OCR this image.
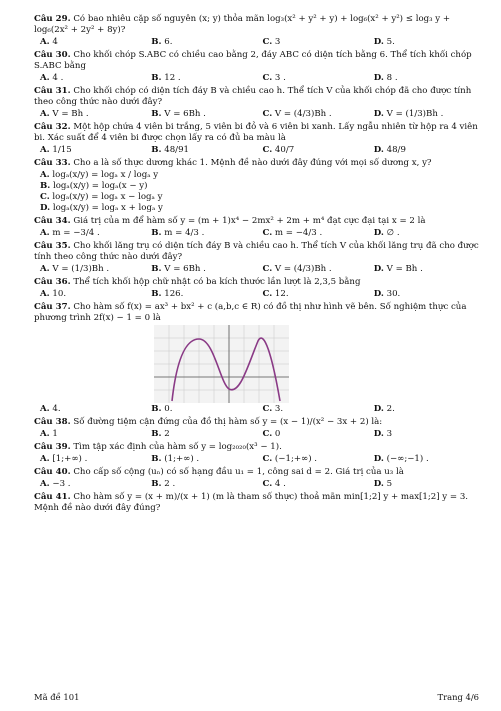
Câu 29. Có bao nhiêu cặp số nguyên (x; y) thỏa mãn log₃(x² + y² + y) + log₆(x² + y²) ≤ log₃ y + log₆(2x² + 2y² + 8y)?
A. 4	B. 6.	C. 3	D. 5.
Câu 30. Cho khối chóp S.ABC có chiều cao bằng 2, đáy ABC có diện tích bằng 6. Thể tích khối chóp S.ABC bằng
A. 4 .	B. 12 .	C. 3 .	D. 8 .
Câu 31. Cho khối chóp có diện tích đáy B và chiều cao h. Thể tích V của khối chóp đã cho được tính theo công thức nào dưới đây?
A. V = Bh .	B. V = 6Bh .	C. V = (4/3)Bh .	D. V = (1/3)Bh .
Câu 32. Một hộp chứa 4 viên bi trắng, 5 viên bi đỏ và 6 viên bi xanh. Lấy ngẫu nhiên từ hộp ra 4 viên bi. Xác suất để 4 viên bi được chọn lấy ra có đủ ba màu là
A. 1/15	B. 48/91	C. 40/7	D. 48/9
Câu 33. Cho a là số thực dương khác 1. Mệnh đề nào dưới đây đúng với mọi số dương x, y?
A. logₐ(x/y) = logₐ x / logₐ y
B. logₐ(x/y) = logₐ(x − y)
C. logₐ(x/y) = logₐ x − logₐ y
D. logₐ(x/y) = logₐ x + logₐ y
Câu 34. Giá trị của m để hàm số y = (m + 1)x⁴ − 2mx² + 2m + m⁴ đạt cực đại tại x = 2 là
A. m = −3/4 .	B. m = 4/3 .	C. m = −4/3 .	D. ∅ .
Câu 35. Cho khối lăng trụ có diện tích đáy B và chiều cao h. Thể tích V của khối lăng trụ đã cho được tính theo công thức nào dưới đây?
A. V = (1/3)Bh .	B. V = 6Bh .	C. V = (4/3)Bh .	D. V = Bh .
Câu 36. Thể tích khối hộp chữ nhật có ba kích thước lần lượt là 2,3,5 bằng
A. 10.	B. 126.	C. 12.	D. 30.
Câu 37. Cho hàm số f(x) = ax³ + bx² + c (a,b,c ∈ R) có đồ thị như hình vẽ bên. Số nghiệm thực của phương trình 2f(x) − 1 = 0 là
A. 4.	B. 0.	C. 3.	D. 2.
Câu 38. Số đường tiệm cận đứng của đồ thị hàm số y = (x − 1)/(x² − 3x + 2) là:
A. 1	B. 2	C. 0	D. 3
Câu 39. Tìm tập xác định của hàm số y = log₂₀₂₀(x³ − 1).
A. [1;+∞) .	B. (1;+∞) .	C. (−1;+∞) .	D. (−∞;−1) .
Câu 40. Cho cấp số cộng (uₙ) có số hạng đầu u₁ = 1, công sai d = 2. Giá trị của u₃ là
A. −3 .	B. 2 .	C. 4 .	D. 5
Câu 41. Cho hàm số y = (x + m)/(x + 1) (m là tham số thực) thoả mãn min[1;2] y + max[1;2] y = 3. Mệnh đề nào dưới đây đúng?
Mã đề 101	Trang 4/6
